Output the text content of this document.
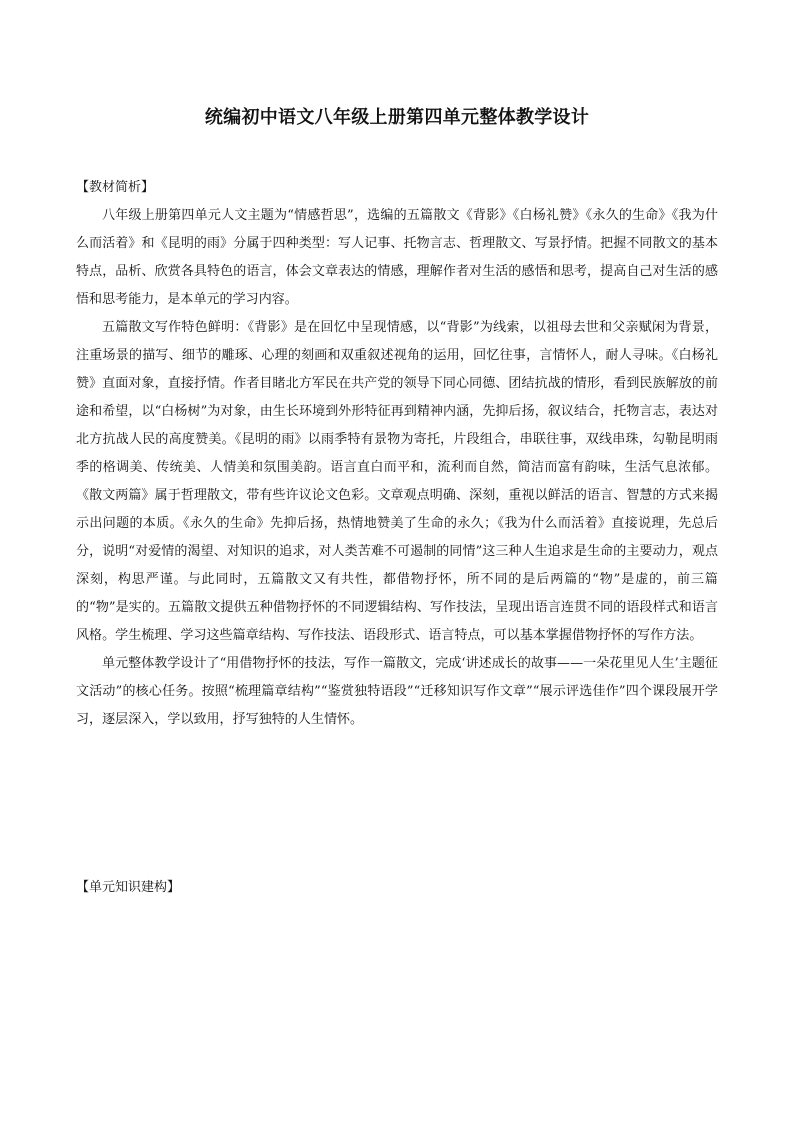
统编初中语文八年级上册第四单元整体教学设计
【教材简析】

八年级上册第四单元人文主题为“情感哲思”，选编的五篇散文《背影》《白杨礼赞》《永久的生命》《我为什么而活着》和《昆明的雨》分属于四种类型：写人记事、托物言志、哲理散文、写景抒情。把握不同散文的基本特点，品析、欣赏各具特色的语言，体会文章表达的情感，理解作者对生活的感悟和思考，提高自己对生活的感悟和思考能力，是本单元的学习内容。

五篇散文写作特色鲜明：《背影》是在回忆中呈现情感，以“背影”为线索，以祖母去世和父亲赋闲为背景，注重场景的描写、细节的雕琢、心理的刻画和双重叙述视角的运用，回忆往事，言情怀人，耐人寻味。《白杨礼赞》直面对象，直接抒情。作者目睹北方军民在共产党的领导下同心同德、团结抗战的情形，看到民族解放的前途和希望，以“白杨树”为对象，由生长环境到外形特征再到精神内涵，先抑后扬，叙议结合，托物言志，表达对北方抗战人民的高度赞美。《昆明的雨》以雨季特有景物为寄托，片段组合，串联往事，双线串珠，勾勒昆明雨季的格调美、传统美、人情美和氛围美韵。语言直白而平和，流利而自然，简洁而富有韵味，生活气息浓郁。《散文两篇》属于哲理散文，带有些许议论文色彩。文章观点明确、深刻，重视以鲜活的语言、智慧的方式来揭示出问题的本质。《永久的生命》先抑后扬，热情地赞美了生命的永久；《我为什么而活着》直接说理，先总后分，说明“对爱情的渴望、对知识的追求，对人类苦难不可遏制的同情”这三种人生追求是生命的主要动力，观点深刻，构思严谨。与此同时，五篇散文又有共性，都借物抒怀，所不同的是后两篇的“物”是虚的，前三篇的“物”是实的。五篇散文提供五种借物抒怀的不同逻辑结构、写作技法，呈现出语言连贯不同的语段样式和语言风格。学生梳理、学习这些篇章结构、写作技法、语段形式、语言特点，可以基本掌握借物抒怀的写作方法。

单元整体教学设计了“用借物抒怀的技法，写作一篇散文，完成‘讲述成长的故事——一朵花里见人生’主题征文活动”的核心任务。按照“梳理篇章结构”“鉴赏独特语段”“迁移知识写作文章”“展示评选佳作”四个课段展开学习，逐层深入，学以致用，抒写独特的人生情怀。

【单元知识建构】
